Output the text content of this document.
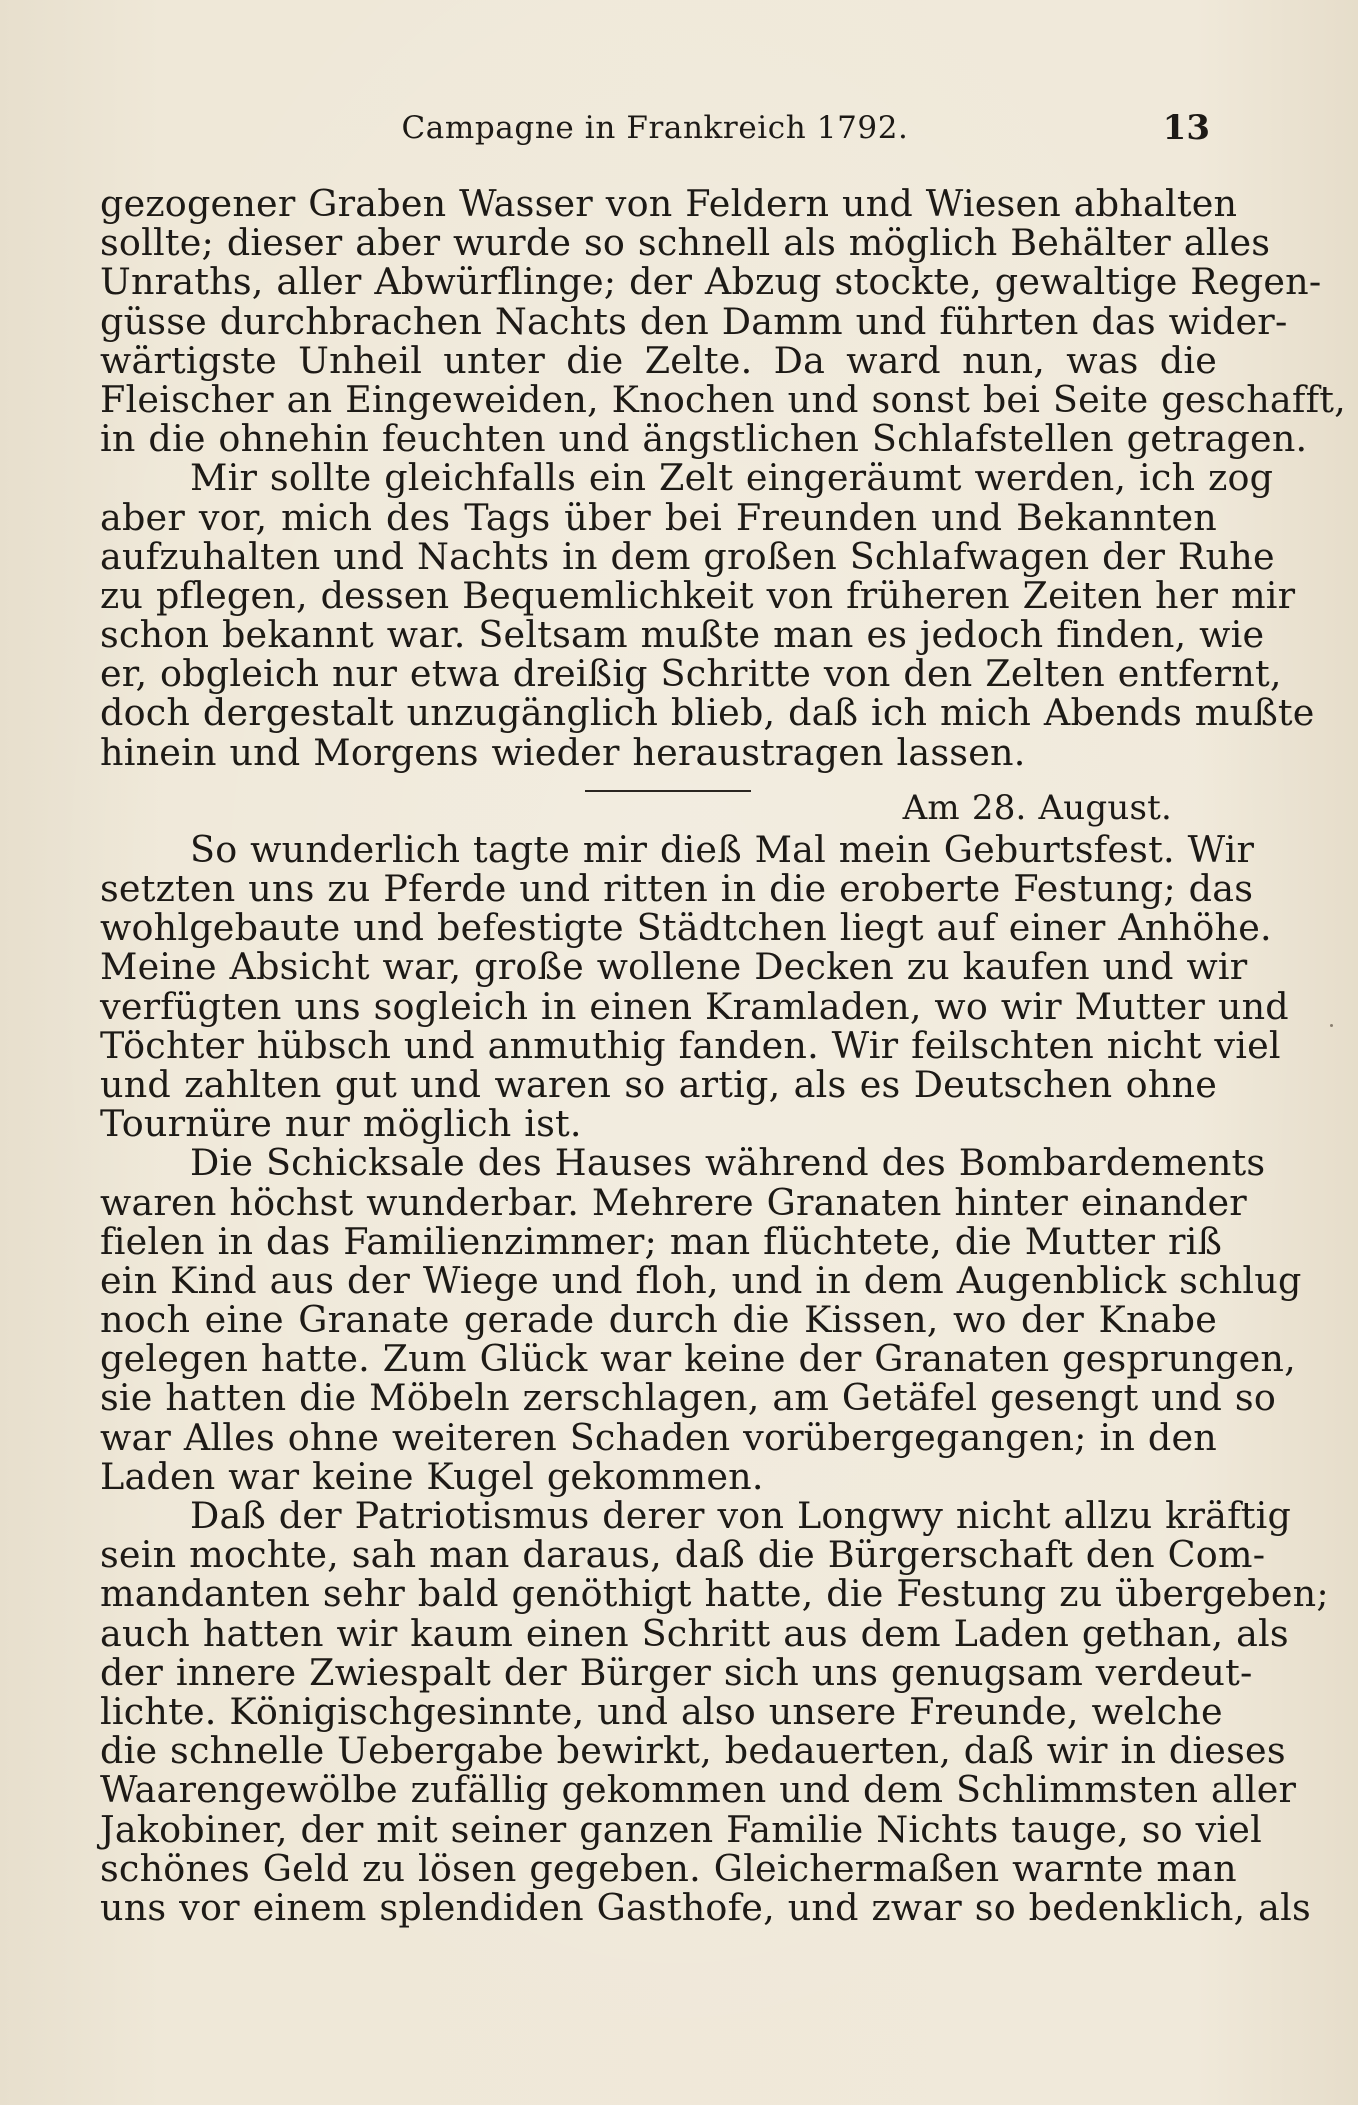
Campagne in Frankreich 1792.	13
gezogener Graben Wasser von Feldern und Wiesen abhalten
sollte; dieser aber wurde so schnell als möglich Behälter alles
Unraths, aller Abwürflinge; der Abzug stockte, gewaltige Regen-
güsse durchbrachen Nachts den Damm und führten das wider-
wärtigste Unheil unter die Zelte. Da ward nun, was die
Fleischer an Eingeweiden, Knochen und sonst bei Seite geschafft,
in die ohnehin feuchten und ängstlichen Schlafstellen getragen.
Mir sollte gleichfalls ein Zelt eingeräumt werden, ich zog
aber vor, mich des Tags über bei Freunden und Bekannten
aufzuhalten und Nachts in dem großen Schlafwagen der Ruhe
zu pflegen, dessen Bequemlichkeit von früheren Zeiten her mir
schon bekannt war. Seltsam mußte man es jedoch finden, wie
er, obgleich nur etwa dreißig Schritte von den Zelten entfernt,
doch dergestalt unzugänglich blieb, daß ich mich Abends mußte
hinein und Morgens wieder heraustragen lassen.
Am 28. August.
So wunderlich tagte mir dieß Mal mein Geburtsfest. Wir
setzten uns zu Pferde und ritten in die eroberte Festung; das
wohlgebaute und befestigte Städtchen liegt auf einer Anhöhe.
Meine Absicht war, große wollene Decken zu kaufen und wir
verfügten uns sogleich in einen Kramladen, wo wir Mutter und
Töchter hübsch und anmuthig fanden. Wir feilschten nicht viel
und zahlten gut und waren so artig, als es Deutschen ohne
Tournüre nur möglich ist.
Die Schicksale des Hauses während des Bombardements
waren höchst wunderbar. Mehrere Granaten hinter einander
fielen in das Familienzimmer; man flüchtete, die Mutter riß
ein Kind aus der Wiege und floh, und in dem Augenblick schlug
noch eine Granate gerade durch die Kissen, wo der Knabe
gelegen hatte. Zum Glück war keine der Granaten gesprungen,
sie hatten die Möbeln zerschlagen, am Getäfel gesengt und so
war Alles ohne weiteren Schaden vorübergegangen; in den
Laden war keine Kugel gekommen.
Daß der Patriotismus derer von Longwy nicht allzu kräftig
sein mochte, sah man daraus, daß die Bürgerschaft den Com-
mandanten sehr bald genöthigt hatte, die Festung zu übergeben;
auch hatten wir kaum einen Schritt aus dem Laden gethan, als
der innere Zwiespalt der Bürger sich uns genugsam verdeut-
lichte. Königischgesinnte, und also unsere Freunde, welche
die schnelle Uebergabe bewirkt, bedauerten, daß wir in dieses
Waarengewölbe zufällig gekommen und dem Schlimmsten aller
Jakobiner, der mit seiner ganzen Familie Nichts tauge, so viel
schönes Geld zu lösen gegeben. Gleichermaßen warnte man
uns vor einem splendiden Gasthofe, und zwar so bedenklich, als
